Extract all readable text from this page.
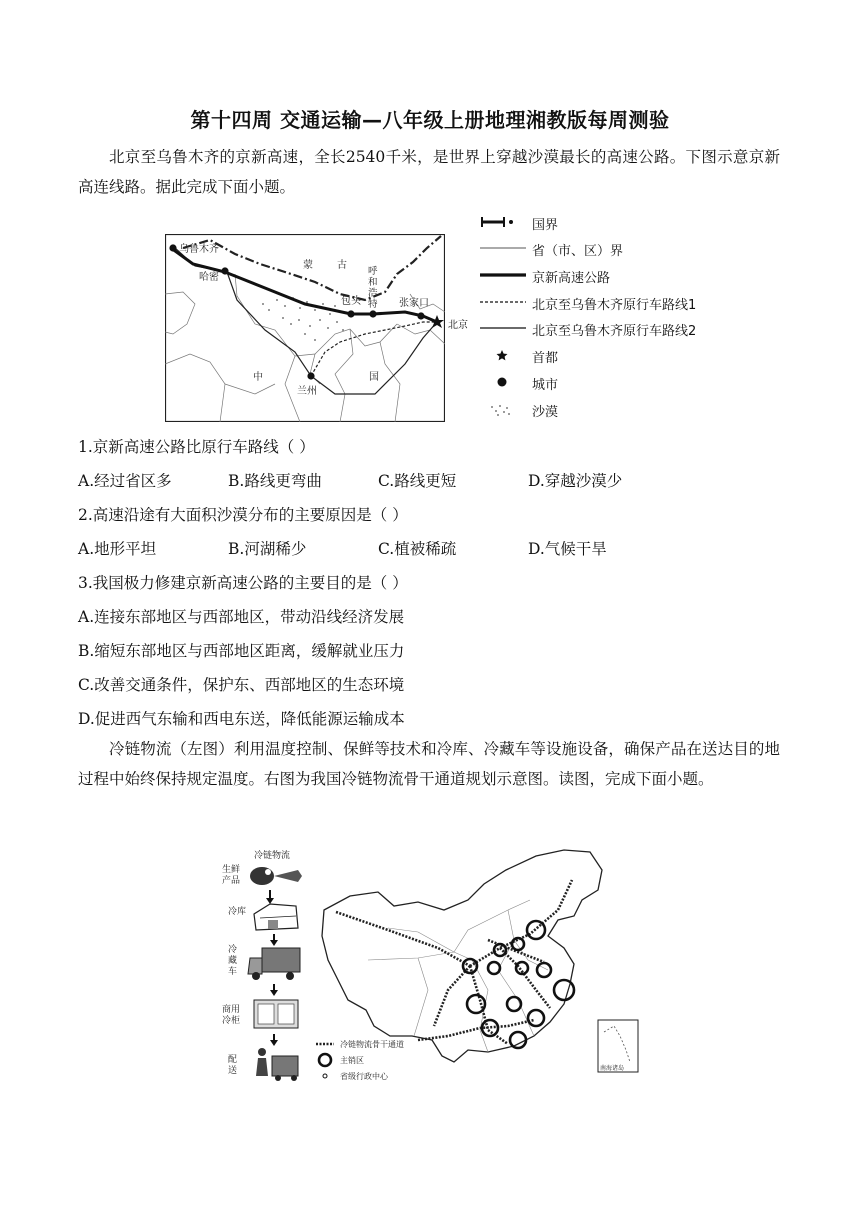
第十四周 交通运输—八年级上册地理湘教版每周测验
北京至乌鲁木齐的京新高速，全长2540千米，是世界上穿越沙漠最长的高速公路。下图示意京新高连线路。据此完成下面小题。
乌鲁木齐
哈密
蒙 古
包头	张家口
中	国
兰州
呼
和
浩
特
北京
国界
省（市、区）界
京新高速公路
北京至乌鲁木齐原行车路线1
北京至乌鲁木齐原行车路线2
首都
城市
沙漠
1.京新高速公路比原行车路线（ ）
A.经过省区多	B.路线更弯曲	C.路线更短	D.穿越沙漠少
2.高速沿途有大面积沙漠分布的主要原因是（ ）
A.地形平坦	B.河湖稀少	C.植被稀疏	D.气候干旱
3.我国极力修建京新高速公路的主要目的是（ ）
A.连接东部地区与西部地区，带动沿线经济发展
B.缩短东部地区与西部地区距离，缓解就业压力
C.改善交通条件，保护东、西部地区的生态环境
D.促进西气东输和西电东送，降低能源运输成本
冷链物流（左图）利用温度控制、保鲜等技术和冷库、冷藏车等设施设备，确保产品在送达目的地过程中始终保持规定温度。右图为我国冷链物流骨干通道规划示意图。读图，完成下面小题。
冷链物流
生鲜
产品
冷库
冷
藏
车
商用
冷柜
配
送	南海诸岛
冷链物流骨干通道
主销区
省级行政中心
